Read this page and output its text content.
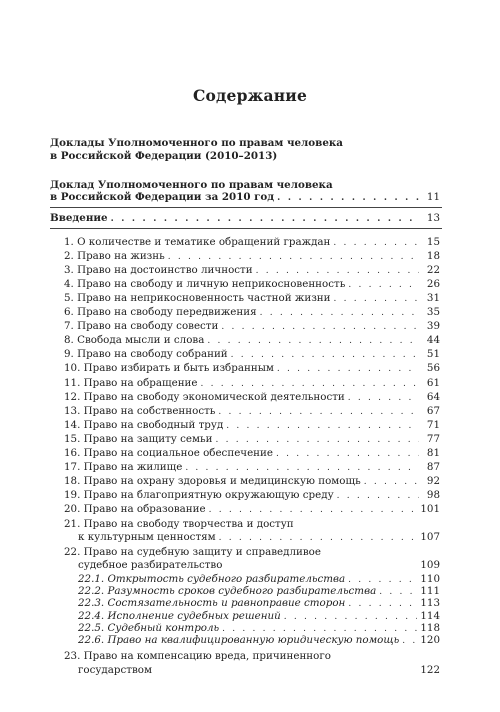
Содержание
Доклады Уполномоченного по правам человека
в Российской Федерации (2010–2013)
Доклад Уполномоченного по правам человека
в Российской Федерации за 2010 год . . .	11
Введение . . .	13
1. О количестве и тематике обращений граждан . . .	15
2. Право на жизнь . . .	18
3. Право на достоинство личности . . .	22
4. Право на свободу и личную неприкосновенность . . .	26
5. Право на неприкосновенность частной жизни . . .	31
6. Право на свободу передвижения . . .	35
7. Право на свободу совести . . .	39
8. Свобода мысли и слова . . .	44
9. Право на свободу собраний . . .	51
10. Право избирать и быть избранным . . .	56
11. Право на обращение . . .	61
12. Право на свободу экономической деятельности . . .	64
13. Право на собственность . . .	67
14. Право на свободный труд . . .	71
15. Право на защиту семьи . . .	77
16. Право на социальное обеспечение . . .	81
17. Право на жилище . . .	87
18. Право на охрану здоровья и медицинскую помощь . . .	92
19. Право на благоприятную окружающую среду . . .	98
20. Право на образование . . .	101
21. Право на свободу творчества и доступ
к культурным ценностям . . .	107
22. Право на судебную защиту и справедливое
судебное разбирательство	109
22.1. Открытость судебного разбирательства . . .	110
22.2. Разумность сроков судебного разбирательства . . .	111
22.3. Состязательность и равноправие сторон . . .	113
22.4. Исполнение судебных решений . . .	114
22.5. Судебный контроль . . .	118
22.6. Право на квалифицированную юридическую помощь . . . 120
23. Право на компенсацию вреда, причиненного
государством	122
